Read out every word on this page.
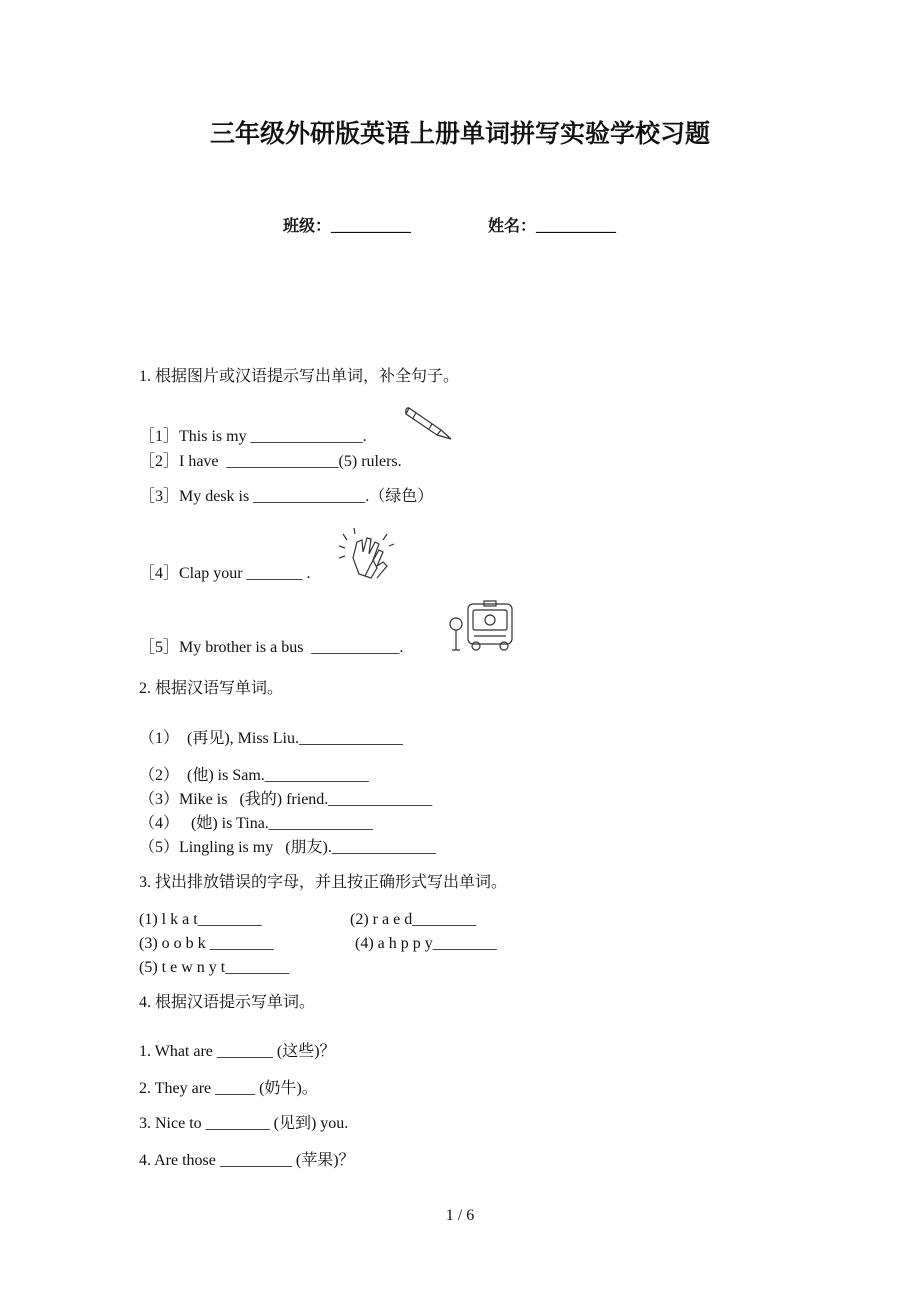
三年级外研版英语上册单词拼写实验学校习题
班级：__________	姓名：__________
1. 根据图片或汉语提示写出单词，补全句子。
［1］This is my ______________.
［2］I have  ______________(5) rulers.
［3］My desk is ______________.（绿色）
［4］Clap your _______ .
［5］My brother is a bus  ___________.
2. 根据汉语写单词。
（1）  (再见), Miss Liu._____________
（2）  (他) is Sam._____________
（3）Mike is   (我的) friend._____________
（4）   (她) is Tina._____________
（5）Lingling is my   (朋友)._____________
3. 找出排放错误的字母，并且按正确形式写出单词。
(1) l k a t________	(2) r a e d________
(3) o o b k ________	(4) a h p p y________
(5) t e w n y t________
4. 根据汉语提示写单词。
1. What are _______ (这些)？
2. They are _____ (奶牛)。
3. Nice to ________ (见到) you.
4. Are those _________ (苹果)？
1 / 6
